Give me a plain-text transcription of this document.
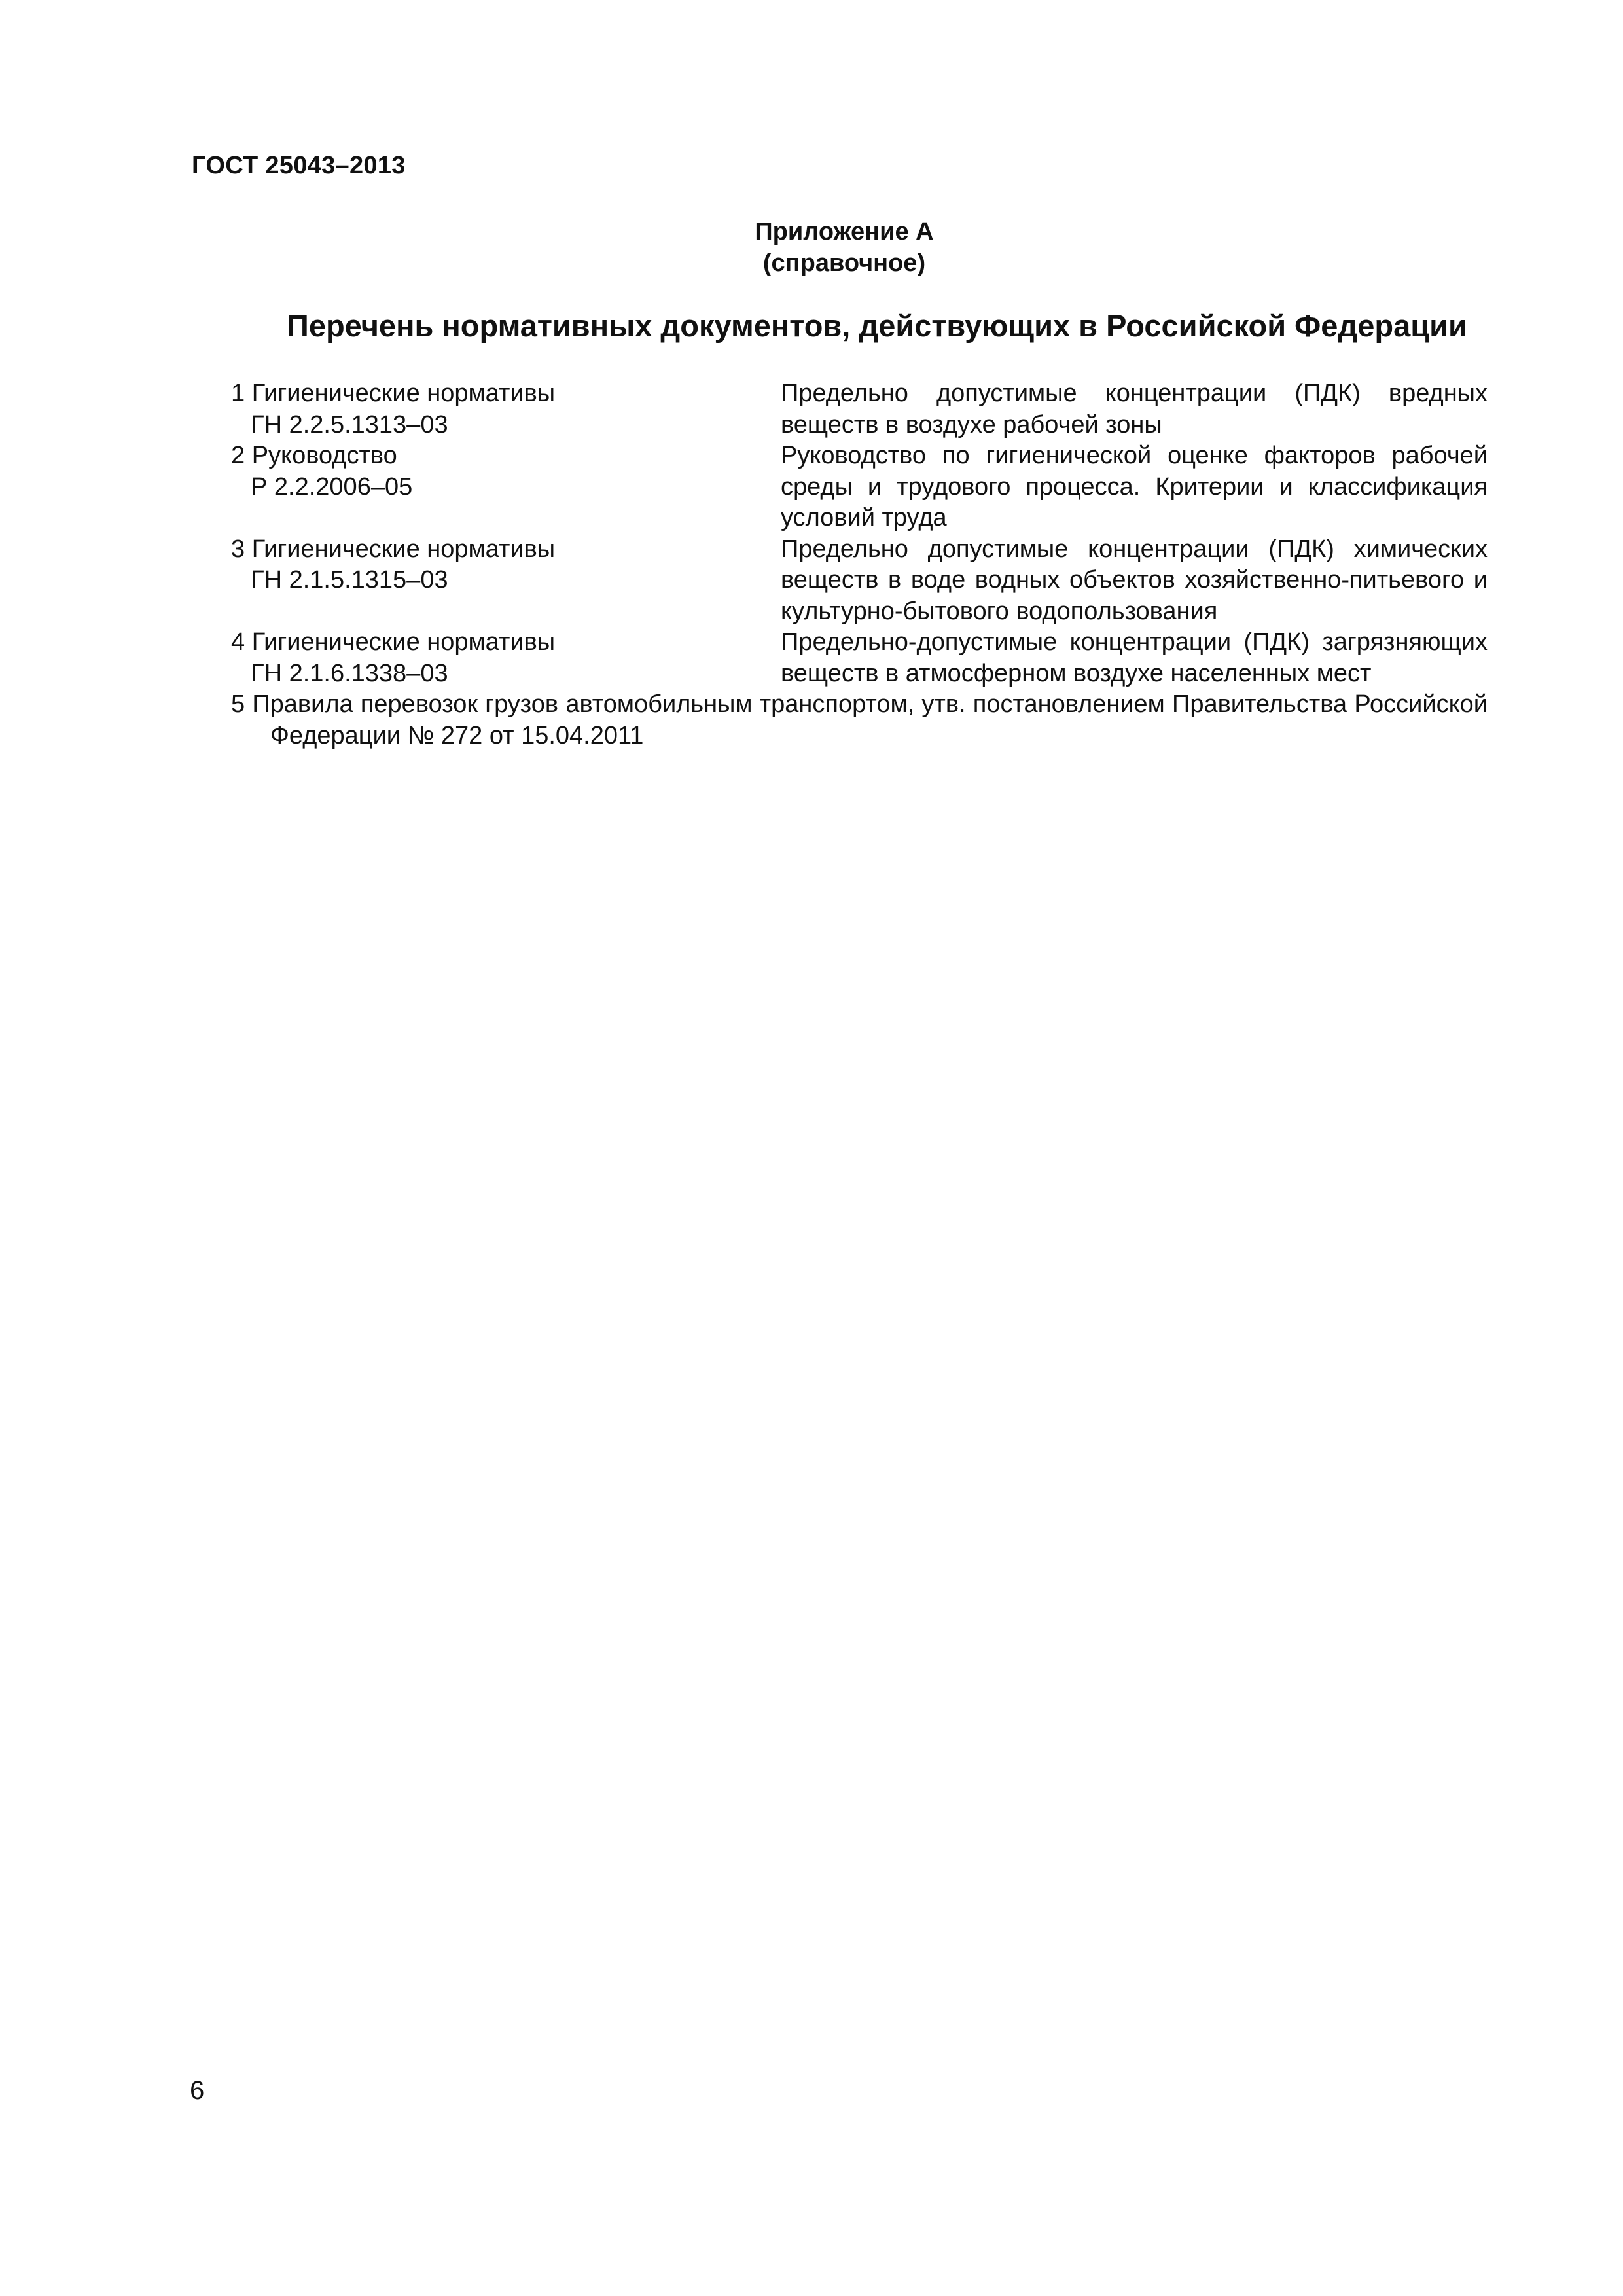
ГОСТ 25043–2013
Приложение А
(справочное)
Перечень нормативных документов, действующих в Российской Федерации
1 Гигиенические нормативы
ГН 2.2.5.1313–03
Предельно допустимые концентрации (ПДК) вредных веществ в воздухе рабочей зоны
2 Руководство
Р 2.2.2006–05
Руководство по гигиенической оценке факторов рабочей среды и трудового процесса. Критерии и классификация условий труда
3 Гигиенические нормативы
ГН 2.1.5.1315–03
Предельно допустимые концентрации (ПДК) химических веществ в воде водных объектов хозяйственно-питьевого и культурно-бытового водопользования
4 Гигиенические нормативы
ГН 2.1.6.1338–03
Предельно-допустимые концентрации (ПДК) загрязняющих веществ в атмосферном воздухе населенных мест
5 Правила перевозок грузов автомобильным транспортом, утв. постановлением Правительства Российской Федерации № 272 от 15.04.2011
6
